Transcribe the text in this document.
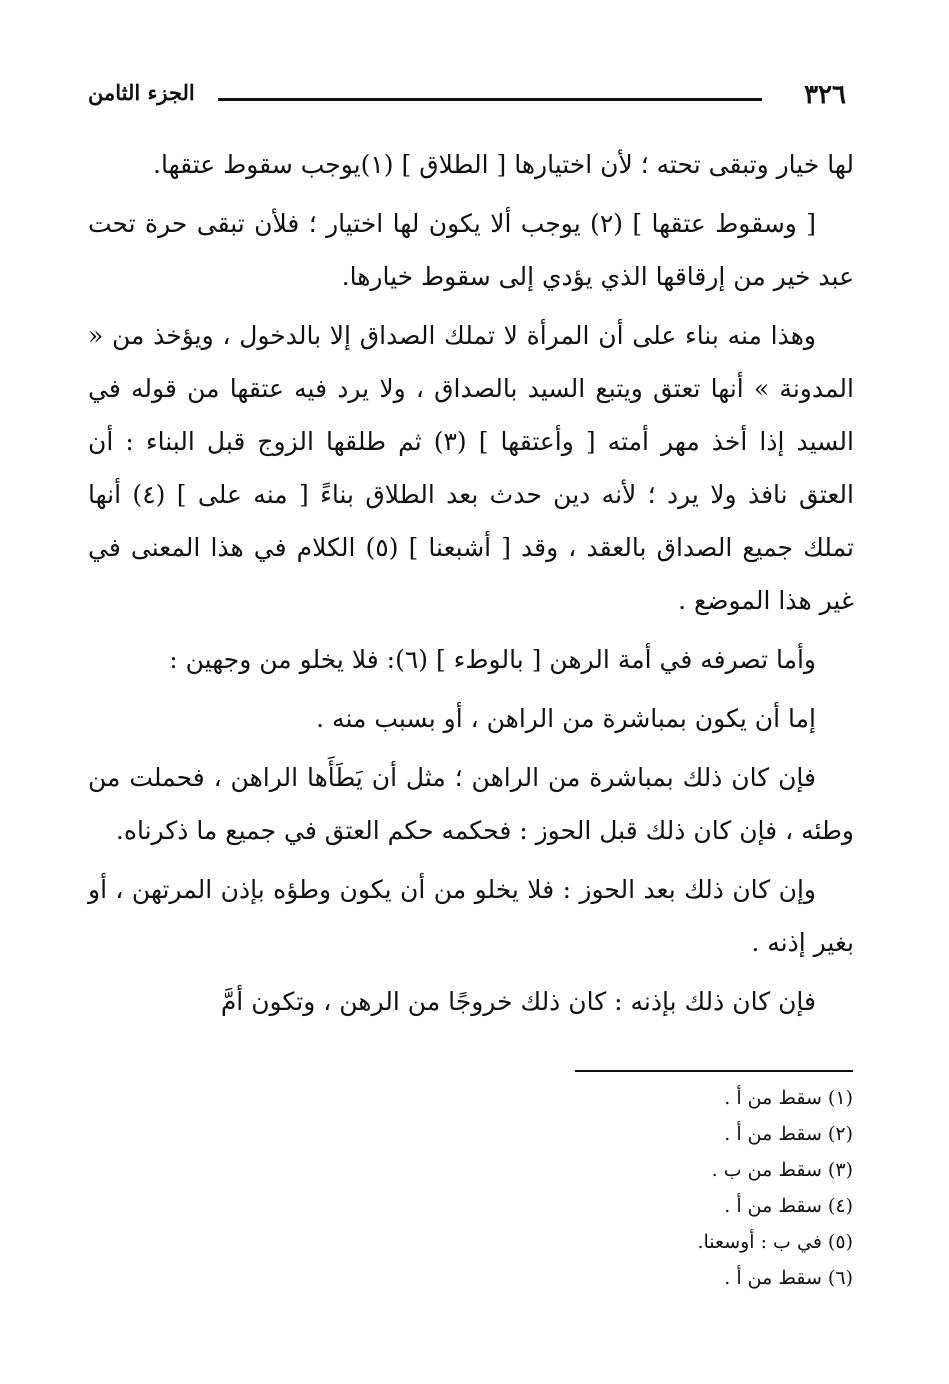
٣٢٦
الجزء الثامن

لها خيار وتبقى تحته ؛ لأن اختيارها [ الطلاق ] (١)يوجب سقوط عتقها.

[ وسقوط عتقها ] (٢) يوجب ألا يكون لها اختيار ؛ فلأن تبقى حرة تحت عبد خير من إرقاقها الذي يؤدي إلى سقوط خيارها.

وهذا منه بناء على أن المرأة لا تملك الصداق إلا بالدخول ، ويؤخذ من « المدونة » أنها تعتق ويتبع السيد بالصداق ، ولا يرد فيه عتقها من قوله في السيد إذا أخذ مهر أمته [ وأعتقها ] (٣) ثم طلقها الزوج قبل البناء : أن العتق نافذ ولا يرد ؛ لأنه دين حدث بعد الطلاق بناءً [ منه على ] (٤) أنها تملك جميع الصداق بالعقد ، وقد [ أشبعنا ] (٥) الكلام في هذا المعنى في غير هذا الموضع .

وأما تصرفه في أمة الرهن [ بالوطء ] (٦): فلا يخلو من وجهين :

إما أن يكون بمباشرة من الراهن ، أو بسبب منه .

فإن كان ذلك بمباشرة من الراهن ؛ مثل أن يَطَأَها الراهن ، فحملت من وطئه ، فإن كان ذلك قبل الحوز : فحكمه حكم العتق في جميع ما ذكرناه.

وإن كان ذلك بعد الحوز : فلا يخلو من أن يكون وطؤه بإذن المرتهن ، أو بغير إذنه .

فإن كان ذلك بإذنه : كان ذلك خروجًا من الرهن ، وتكون أمَّ

(١) سقط من أ .
(٢) سقط من أ .
(٣) سقط من ب .
(٤) سقط من أ .
(٥) في ب : أوسعنا.
(٦) سقط من أ .
